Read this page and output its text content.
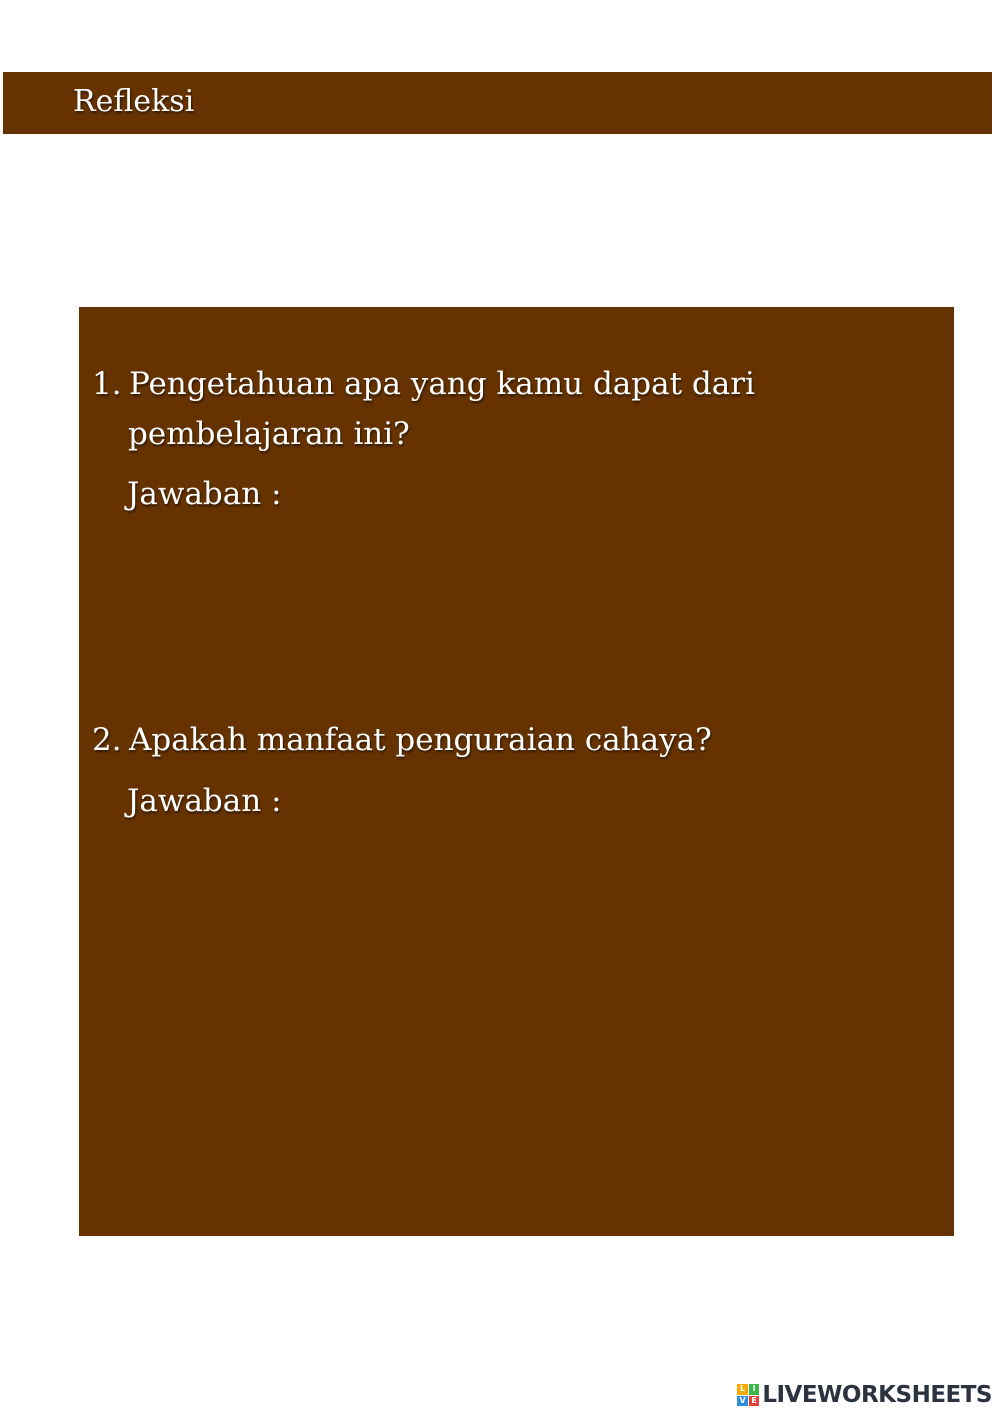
Refleksi
1. Pengetahuan apa yang kamu dapat dari
pembelajaran ini?
Jawaban :
2. Apakah manfaat penguraian cahaya?
Jawaban :
L I
V E LIVEWORKSHEETS
